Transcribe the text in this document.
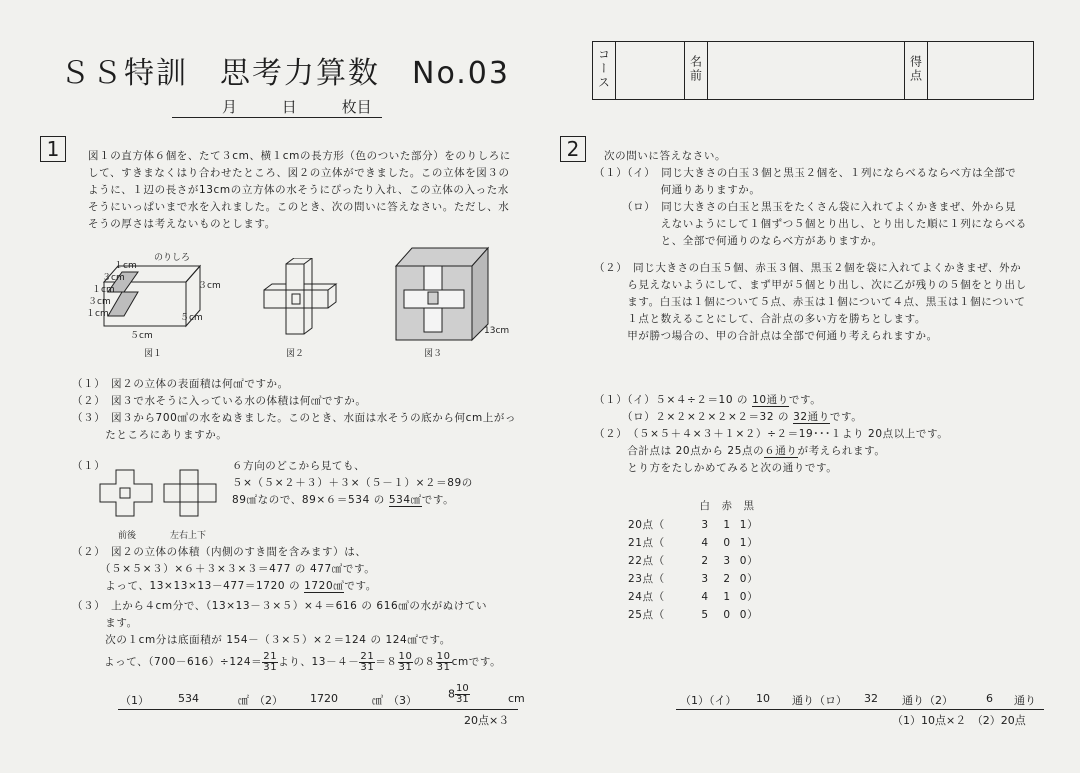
ＳＳ特訓　思考力算数　No.03
月	日	枚目
コース		名前		得点	
1	図１の直方体６個を、たて３cm、横１cmの長方形（色のついた部分）をのりしろに
して、すきまなくはり合わせたところ、図２の立体ができました。この立体を図３の
ように、１辺の長さが13cmの立方体の水そうにぴったり入れ、この立体の入った水
そうにいっぱいまで水を入れました。このとき、次の問いに答えなさい。ただし、水
そうの厚さは考えないものとします。
のりしろ
１cm
３cm
１cm
３cm
１cm
３cm
５cm
５cm
図１	図２
13cm
図３
（１）　図２の立体の表面積は何㎠ですか。
（２）　図３で水そうに入っている水の体積は何㎤ですか。
（３）　図３から700㎤の水をぬきました。このとき、水面は水そうの底から何cm上がっ
　　　たところにありますか。
（１）	６方向のどこから見ても、
５×（５×２＋３）＋３×（５－１）×２＝89の
89㎠なので、89×６＝534 の 534㎠です。
前後	左右上下
（２）　図２の立体の体積（内側のすき間を含みます）は、
　　　（５×５×３）×６＋３×３×３＝477 の 477㎤です。
　　　よって、13×13×13－477＝1720 の 1720㎤です。
（３）　上から４cm分で、（13×13－３×５）×４＝616 の 616㎤の水がぬけてい
　　　ます。
　　　次の１cm分は底面積が 154－（３×５）×２＝124 の 124㎠です。
よって、$(700-616)\div 124= \frac{21}{31}$ より、$13-4- \frac{21}{31} =8 \frac{10}{31}$ の$8 \frac{10}{31}$ cmです。
（1）	534	㎠ （2） 1720	㎤ （3）	$8 \frac{10}{31}$	cm
20点×３
2	次の問いに答えなさい。
（１）（イ）　同じ大きさの白玉３個と黒玉２個を、１列にならべるならべ方は全部で
　　　　　　何通りありますか。
　　　（ロ）　同じ大きさの白玉と黒玉をたくさん袋に入れてよくかきまぜ、外から見
　　　　　　えないようにして１個ずつ５個とり出し、とり出した順に１列にならべる
　　　　　　と、全部で何通りのならべ方がありますか。
（２）　同じ大きさの白玉５個、赤玉３個、黒玉２個を袋に入れてよくかきまぜ、外か
　　　ら見えないようにして、まず甲が５個とり出し、次に乙が残りの５個をとり出し
　　　ます。白玉は１個について５点、赤玉は１個について４点、黒玉は１個について
　　　１点と数えることにして、合計点の多い方を勝ちとします。
　　　甲が勝つ場合の、甲の合計点は全部で何通り考えられますか。
（１）（イ）５×４÷２＝10 の 10通りです。
　　　（ロ）２×２×２×２×２＝32 の 32通りです。
（２）　（５×５＋４×３＋１×２）÷２＝19･･･１より 20点以上です。
　　　合計点は 20点から 25点の６通りが考えられます。
　　　とり方をたしかめてみると次の通りです。
白 赤 黒
20点（	3 1 1）
21点（	4 0 1）
22点（	2 3 0）
23点（	3 2 0）
24点（	4 1 0）
25点（	5 0 0）
（1）（イ） 10 通り（ロ） 32 通り（2）	6 通り
（1）10点×２　（2）20点
